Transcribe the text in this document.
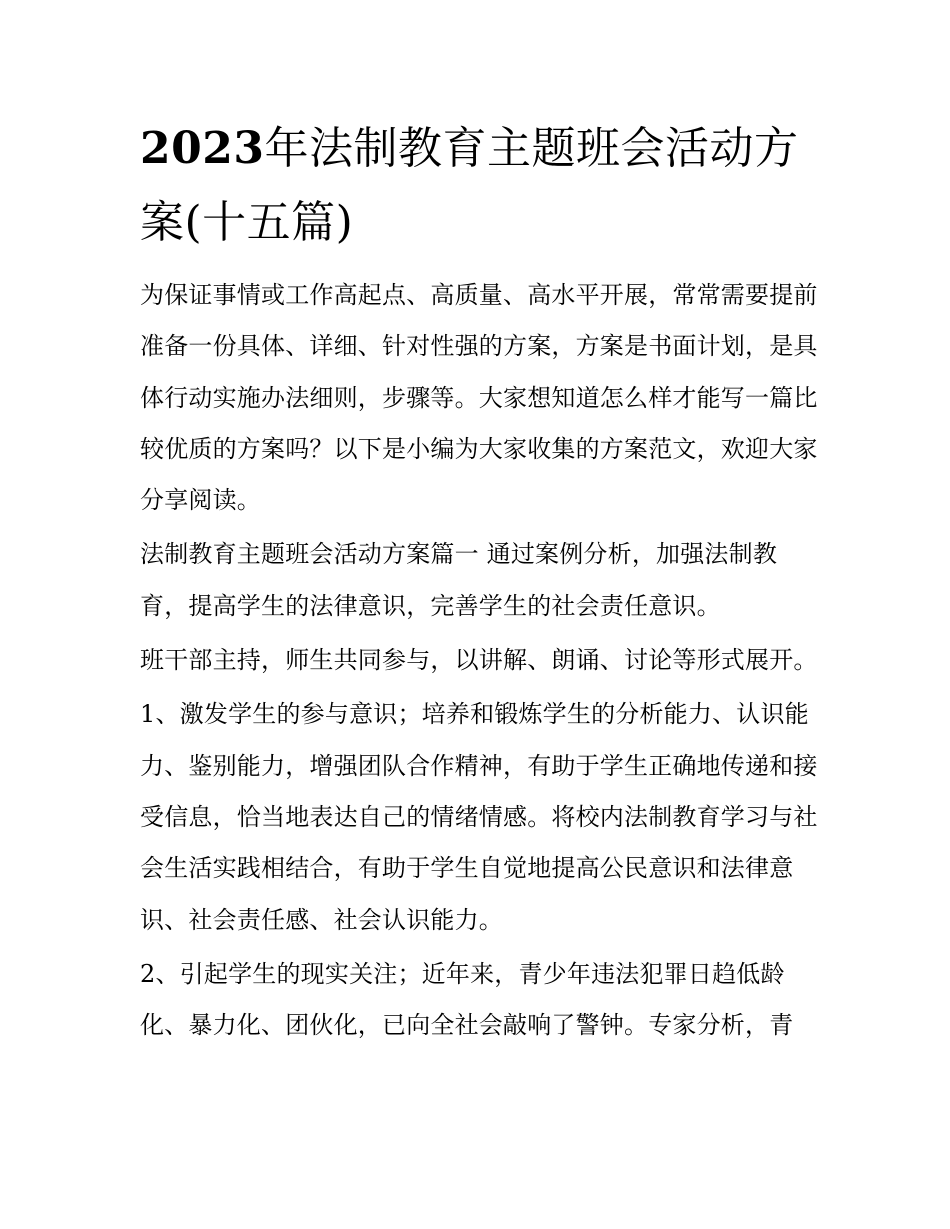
2023年法制教育主题班会活动方案(十五篇)

为保证事情或工作高起点、高质量、高水平开展，常常需要提前准备一份具体、详细、针对性强的方案，方案是书面计划，是具体行动实施办法细则，步骤等。大家想知道怎么样才能写一篇比较优质的方案吗？以下是小编为大家收集的方案范文，欢迎大家分享阅读。

法制教育主题班会活动方案篇一 通过案例分析，加强法制教育，提高学生的法律意识，完善学生的社会责任意识。

班干部主持，师生共同参与，以讲解、朗诵、讨论等形式展开。

1、激发学生的参与意识；培养和锻炼学生的分析能力、认识能力、鉴别能力，增强团队合作精神，有助于学生正确地传递和接受信息，恰当地表达自己的情绪情感。将校内法制教育学习与社会生活实践相结合，有助于学生自觉地提高公民意识和法律意识、社会责任感、社会认识能力。

2、引起学生的现实关注；近年来，青少年违法犯罪日趋低龄化、暴力化、团伙化，已向全社会敲响了警钟。专家分析，青
